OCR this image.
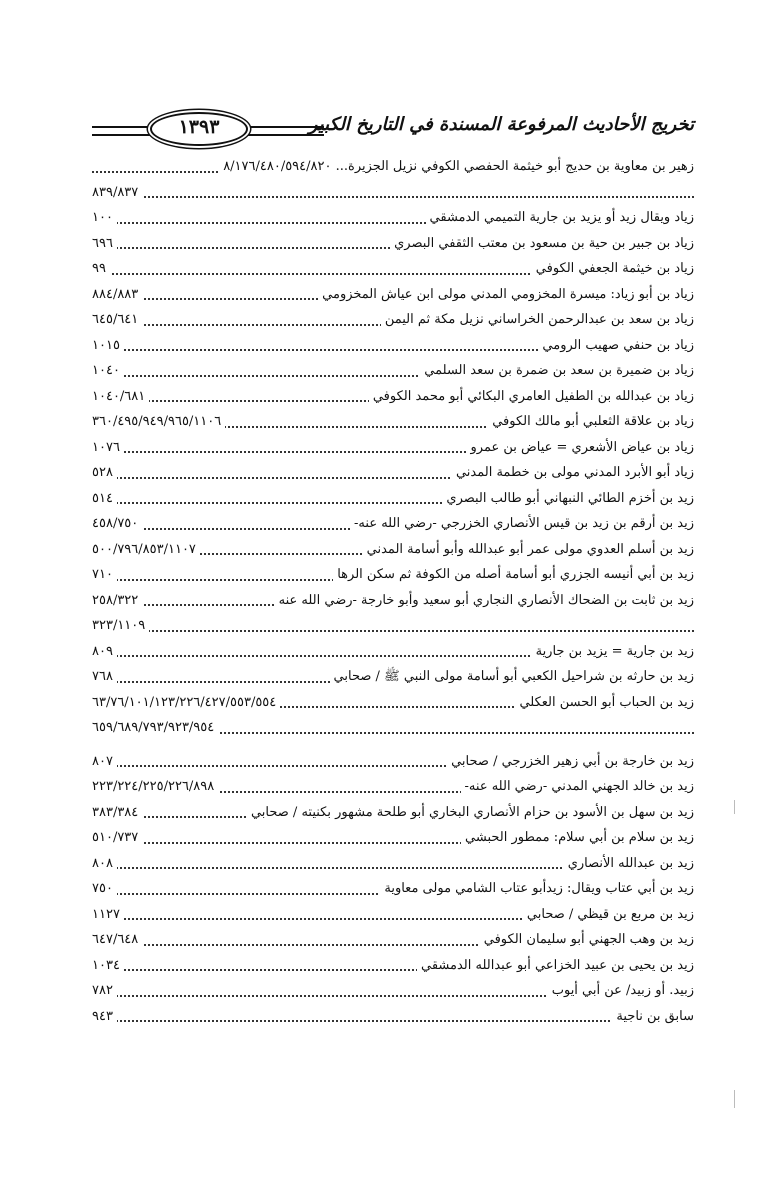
تخريج الأحاديث المرفوعة المسندة في التاريخ الكبير
١٣٩٣
زهير بن معاوية بن حديج أبو خيثمة الحفصي الكوفي نزيل الجزيرة... ٨/١٧٦/٤٨٠/٥٩٤/٨٢٠
٨٣٩/٨٣٧
زياد ويقال زيد أو يزيد بن جارية التميمي الدمشقي
١٠٠
زياد بن جبير بن حية بن مسعود بن معتب الثقفي البصري
٦٩٦
زياد بن خيثمة الجعفي الكوفي
٩٩
زياد بن أبو زياد: ميسرة المخزومي المدني مولى ابن عياش المخزومي
٨٨٤/٨٨٣
زياد بن سعد بن عبدالرحمن الخراساني نزيل مكة ثم اليمن
٦٤٥/٦٤١
زياد بن حنفي صهيب الرومي
١٠١٥
زياد بن ضميرة بن سعد بن ضمرة بن سعد السلمي
١٠٤٠
زياد بن عبدالله بن الطفيل العامري البكائي أبو محمد الكوفي
١٠٤٠/٦٨١
زياد بن علاقة الثعلبي أبو مالك الكوفي
٣٦٠/٤٩٥/٩٤٩/٩٦٥/١١٠٦
زياد بن عياض الأشعري = عياض بن عمرو
١٠٧٦
زياد أبو الأبرد المدني مولى بن خطمة المدني
٥٢٨
زيد بن أخزم الطائي النبهاني أبو طالب البصري
٥١٤
زيد بن أرقم بن زيد بن قيس الأنصاري الخزرجي -رضي الله عنه-
٤٥٨/٧٥٠
زيد بن أسلم العدوي مولى عمر أبو عبدالله وأبو أسامة المدني
٥٠٠/٧٩٦/٨٥٣/١١٠٧
زيد بن أبي أنيسه الجزري أبو أسامة أصله من الكوفة ثم سكن الرها
٧١٠
زيد بن ثابت بن الضحاك الأنصاري النجاري أبو سعيد وأبو خارجة -رضي الله عنه
٢٥٨/٣٢٢
٣٢٣/١١٠٩
زيد بن جارية = يزيد بن جارية
٨٠٩
زيد بن حارثه بن شراحيل الكعبي أبو أسامة مولى النبي ﷺ / صحابي
٧٦٨
زيد بن الحباب أبو الحسن العكلي
٦٣/٧٦/١٠١/١٢٣/٢٢٦/٤٢٧/٥٥٣/٥٥٤
٦٥٩/٦٨٩/٧٩٣/٩٢٣/٩٥٤
زيد بن خارجة بن أبي زهير الخزرجي / صحابي
٨٠٧
زيد بن خالد الجهني المدني -رضي الله عنه-
٢٢٣/٢٢٤/٢٢٥/٢٢٦/٨٩٨
زيد بن سهل بن الأسود بن حزام الأنصاري البخاري أبو طلحة مشهور بكنيته / صحابي
٣٨٣/٣٨٤
زيد بن سلام بن أبي سلام: ممطور الحبشي
٥١٠/٧٣٧
زيد بن عبدالله الأنصاري
٨٠٨
زيد بن أبي عتاب ويقال: زيدأبو عتاب الشامي مولى معاوية
٧٥٠
زيد بن مربع بن قيظي / صحابي
١١٢٧
زيد بن وهب الجهني أبو سليمان الكوفي
٦٤٧/٦٤٨
زيد بن يحيى بن عبيد الخزاعي أبو عبدالله الدمشقي
١٠٣٤
زبيد. أو زبيد/ عن أبي أيوب
٧٨٢
سابق بن ناجية
٩٤٣
